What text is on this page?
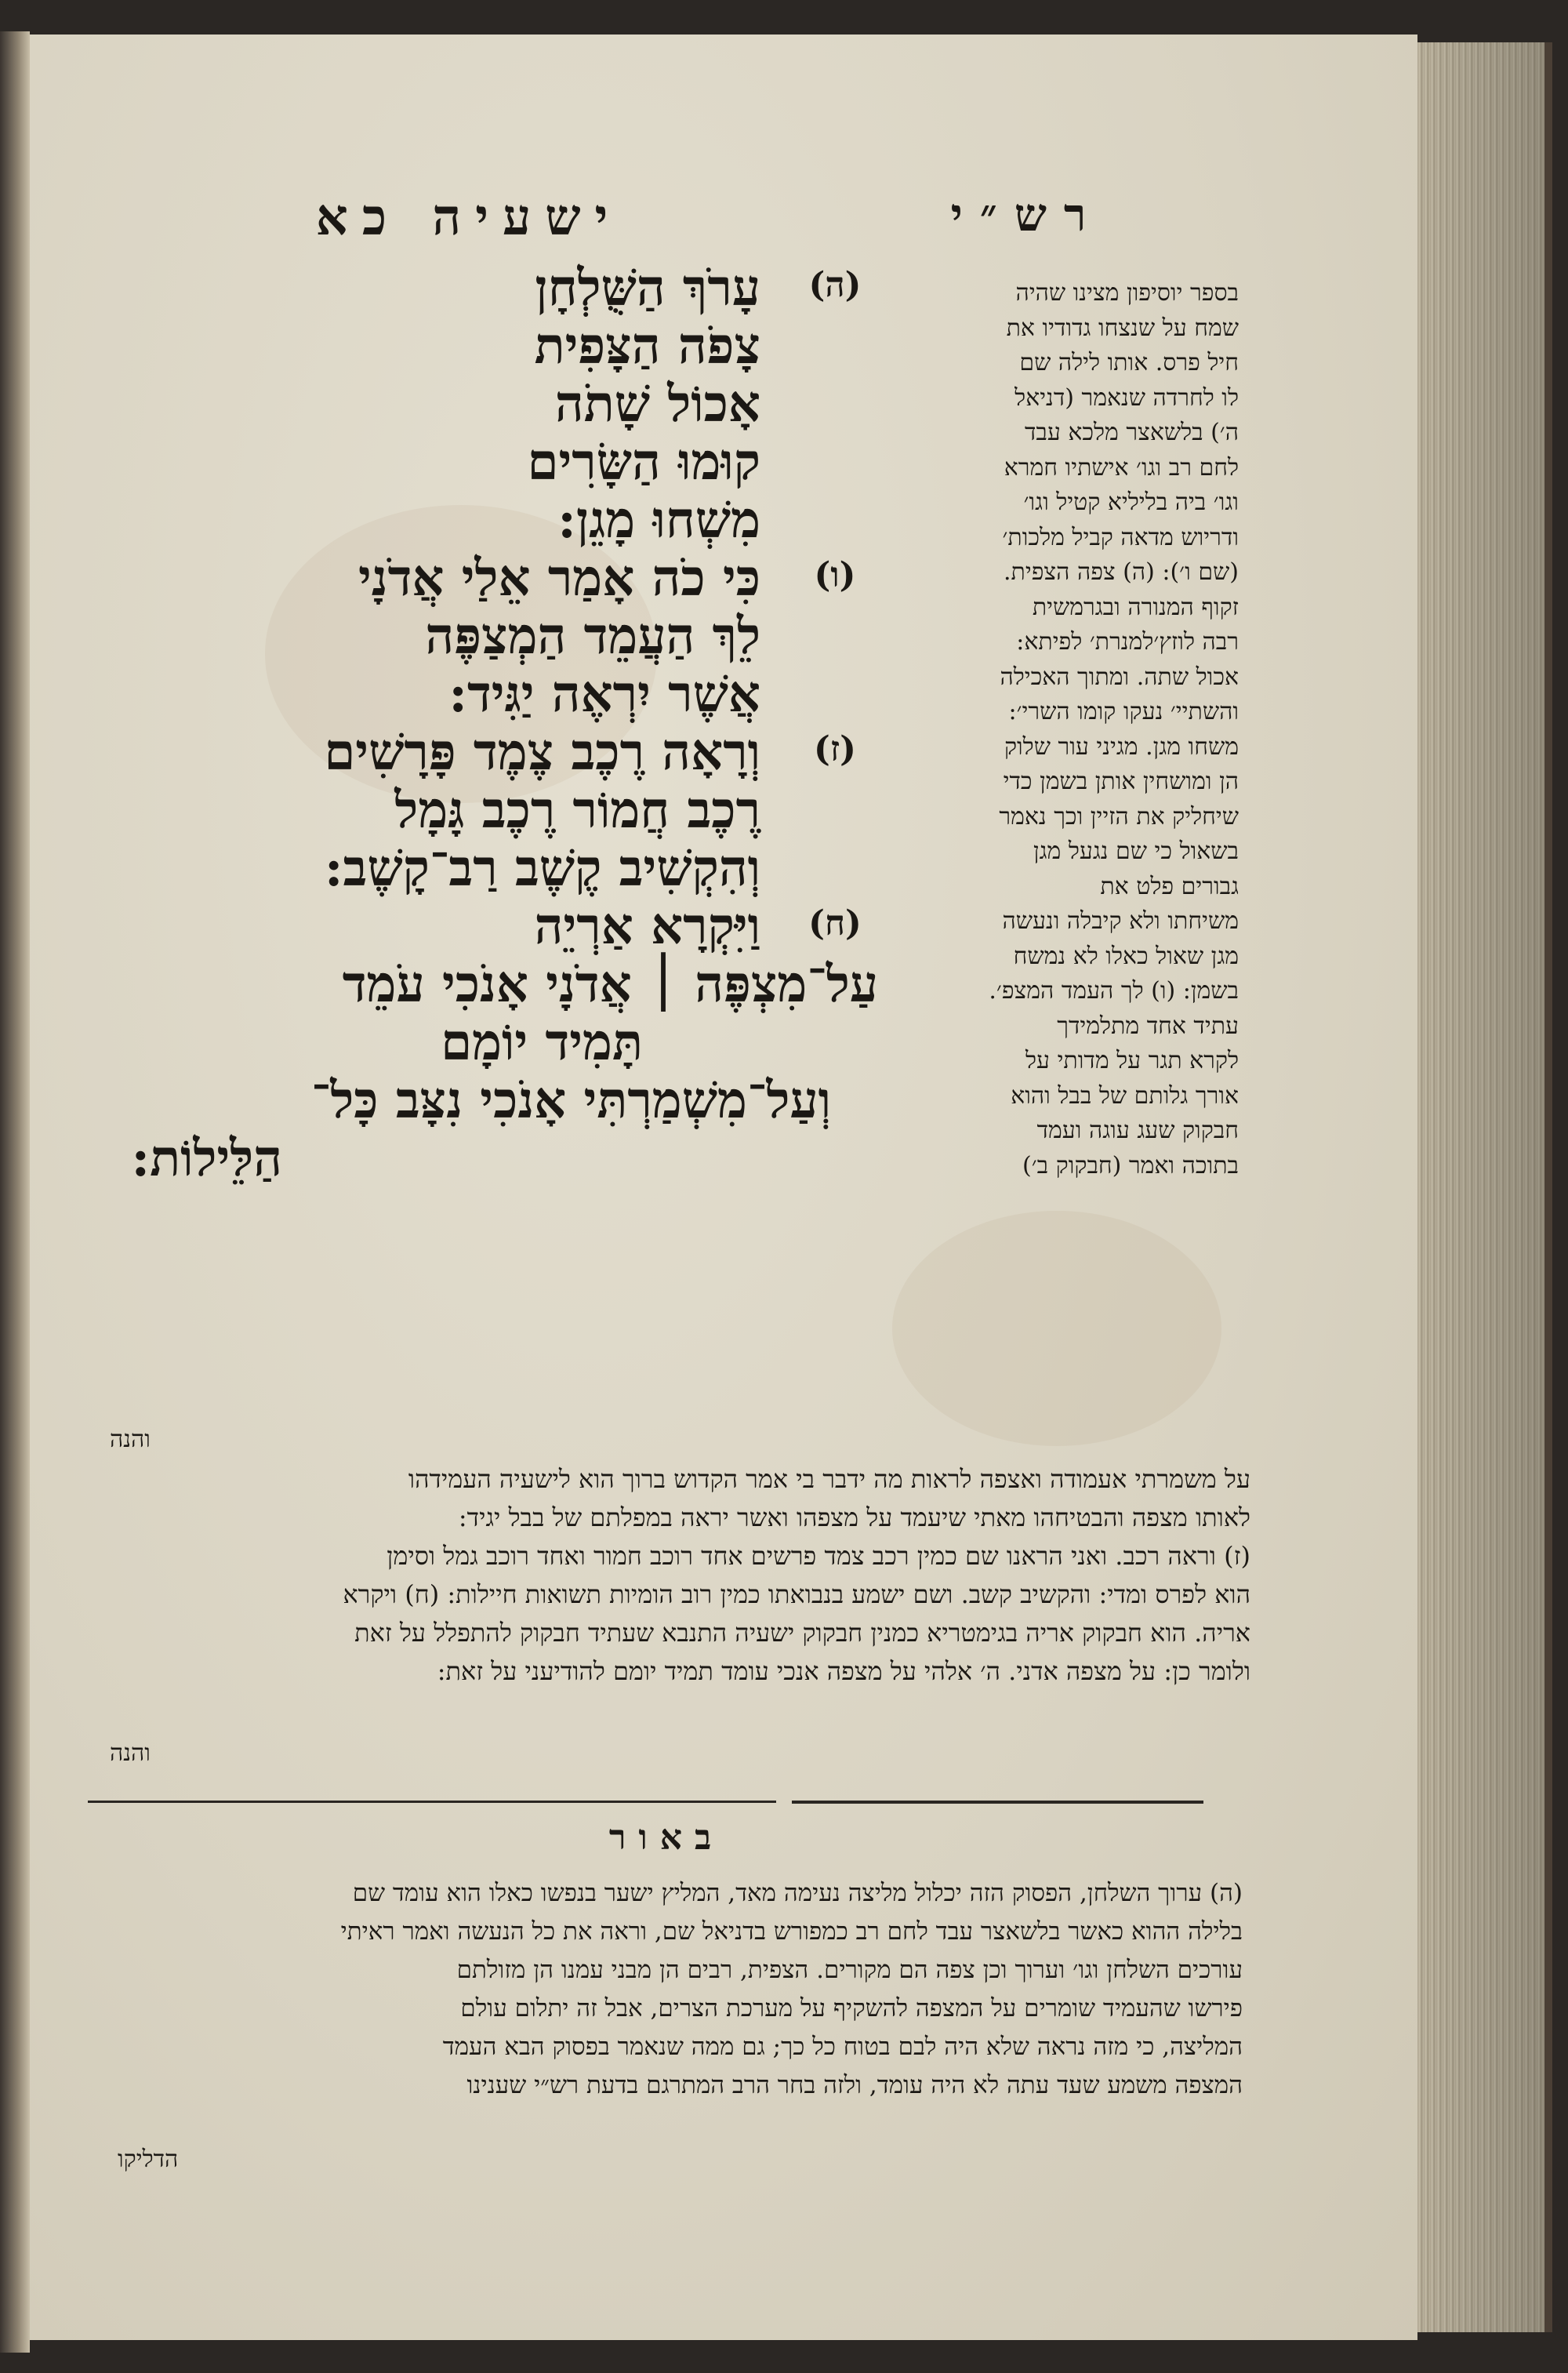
ישעיה כא	רש״י
(ה)
עָרֹךְ הַשֻּׁלְחָן
צָפֹה הַצָּפִית
אָכוֹל שָׁתֹה
קוּמוּ הַשָּׂרִים
מִשְׁחוּ מָגֵן:
(ו)
כִּי כֹה אָמַר אֵלַי אֲדֹנָי
לֵךְ הַעֲמֵד הַמְצַפֶּה
אֲשֶׁר יִרְאֶה יַגִּיד:
(ז)
וְרָאָה רֶכֶב צֶמֶד פָּרָשִׁים
רֶכֶב חֲמוֹר רֶכֶב גָּמָל
וְהִקְשִׁיב קֶשֶׁב רַב־קָשֶׁב:
(ח)
וַיִּקְרָא אַרְיֵה
עַל־מִצְפֶּה ׀ אֲדֹנָי אָנֹכִי עֹמֵד
תָּמִיד יוֹמָם
וְעַל־מִשְׁמַרְתִּי אָנֹכִי נִצָּב כָּל־
הַלֵּילוֹת:
בספר יוסיפון מצינו שהיה
שמח על שנצחו גדודיו את
חיל פרס. אותו לילה שם
לו לחרדה שנאמר (דניאל
ה׳) בלשאצר מלכא עבד
לחם רב וגו׳ אישתיו חמרא
וגו׳ ביה בליליא קטיל וגו׳
ודריוש מדאה קביל מלכות׳
(שם ו׳): (ה) צפה הצפית.
זקוף המנורה ובגרמשית
רבה לוזץ׳למנרת׳ לפיתא:
אכול שתה. ומתוך האכילה
והשתיי׳ נעקו קומו השרי׳:
משחו מגן. מגיני עור שלוק
הן ומושחין אותן בשמן כדי
שיחליק את הזיין וכך נאמר
בשאול כי שם נגעל מגן
גבורים פלט את
משיחתו ולא קיבלה ונעשה
מגן שאול כאלו לא נמשח
בשמן: (ו) לך העמד המצפ׳.
עתיד אחד מתלמידך
לקרא תגר על מדותי על
אורך גלותם של בבל והוא
חבקוק שעג עוגה ועמד
בתוכה ואמר (חבקוק ב׳)
והנה
על משמרתי אעמודה ואצפה לראות מה ידבר בי אמר הקדוש ברוך הוא לישעיה העמידהו
לאותו מצפה והבטיחהו מאתי שיעמד על מצפהו ואשר יראה במפלתם של בבל יגיד:
(ז) וראה רכב. ואני הראנו שם כמין רכב צמד פרשים אחד רוכב חמור ואחד רוכב גמל וסימן
הוא לפרס ומדי: והקשיב קשב. ושם ישמע בנבואתו כמין רוב הומיות תשואות חיילות: (ח) ויקרא
אריה. הוא חבקוק אריה בגימטריא כמנין חבקוק ישעיה התנבא שעתיד חבקוק להתפלל על זאת
ולומר כן: על מצפה אדני. ה׳ אלהי על מצפה אנכי עומד תמיד יומם להודיעני על זאת:
והנה
באור
(ה) ערוך השלחן, הפסוק הזה יכלול מליצה נעימה מאד, המליץ ישער בנפשו כאלו הוא עומד שם
בלילה ההוא כאשר בלשאצר עבד לחם רב כמפורש בדניאל שם, וראה את כל הנעשה ואמר ראיתי
עורכים השלחן וגו׳ וערוך וכן צפה הם מקורים. הצפית, רבים הן מבני עמנו הן מזולתם
פירשו שהעמיד שומרים על המצפה להשקיף על מערכת הצרים, אבל זה יתלום עולם
המליצה, כי מזה נראה שלא היה לבם בטוח כל כך; גם ממה שנאמר בפסוק הבא העמד
המצפה משמע שעד עתה לא היה עומד, ולזה בחר הרב המתרגם בדעת רש״י שענינו
הדליקו
